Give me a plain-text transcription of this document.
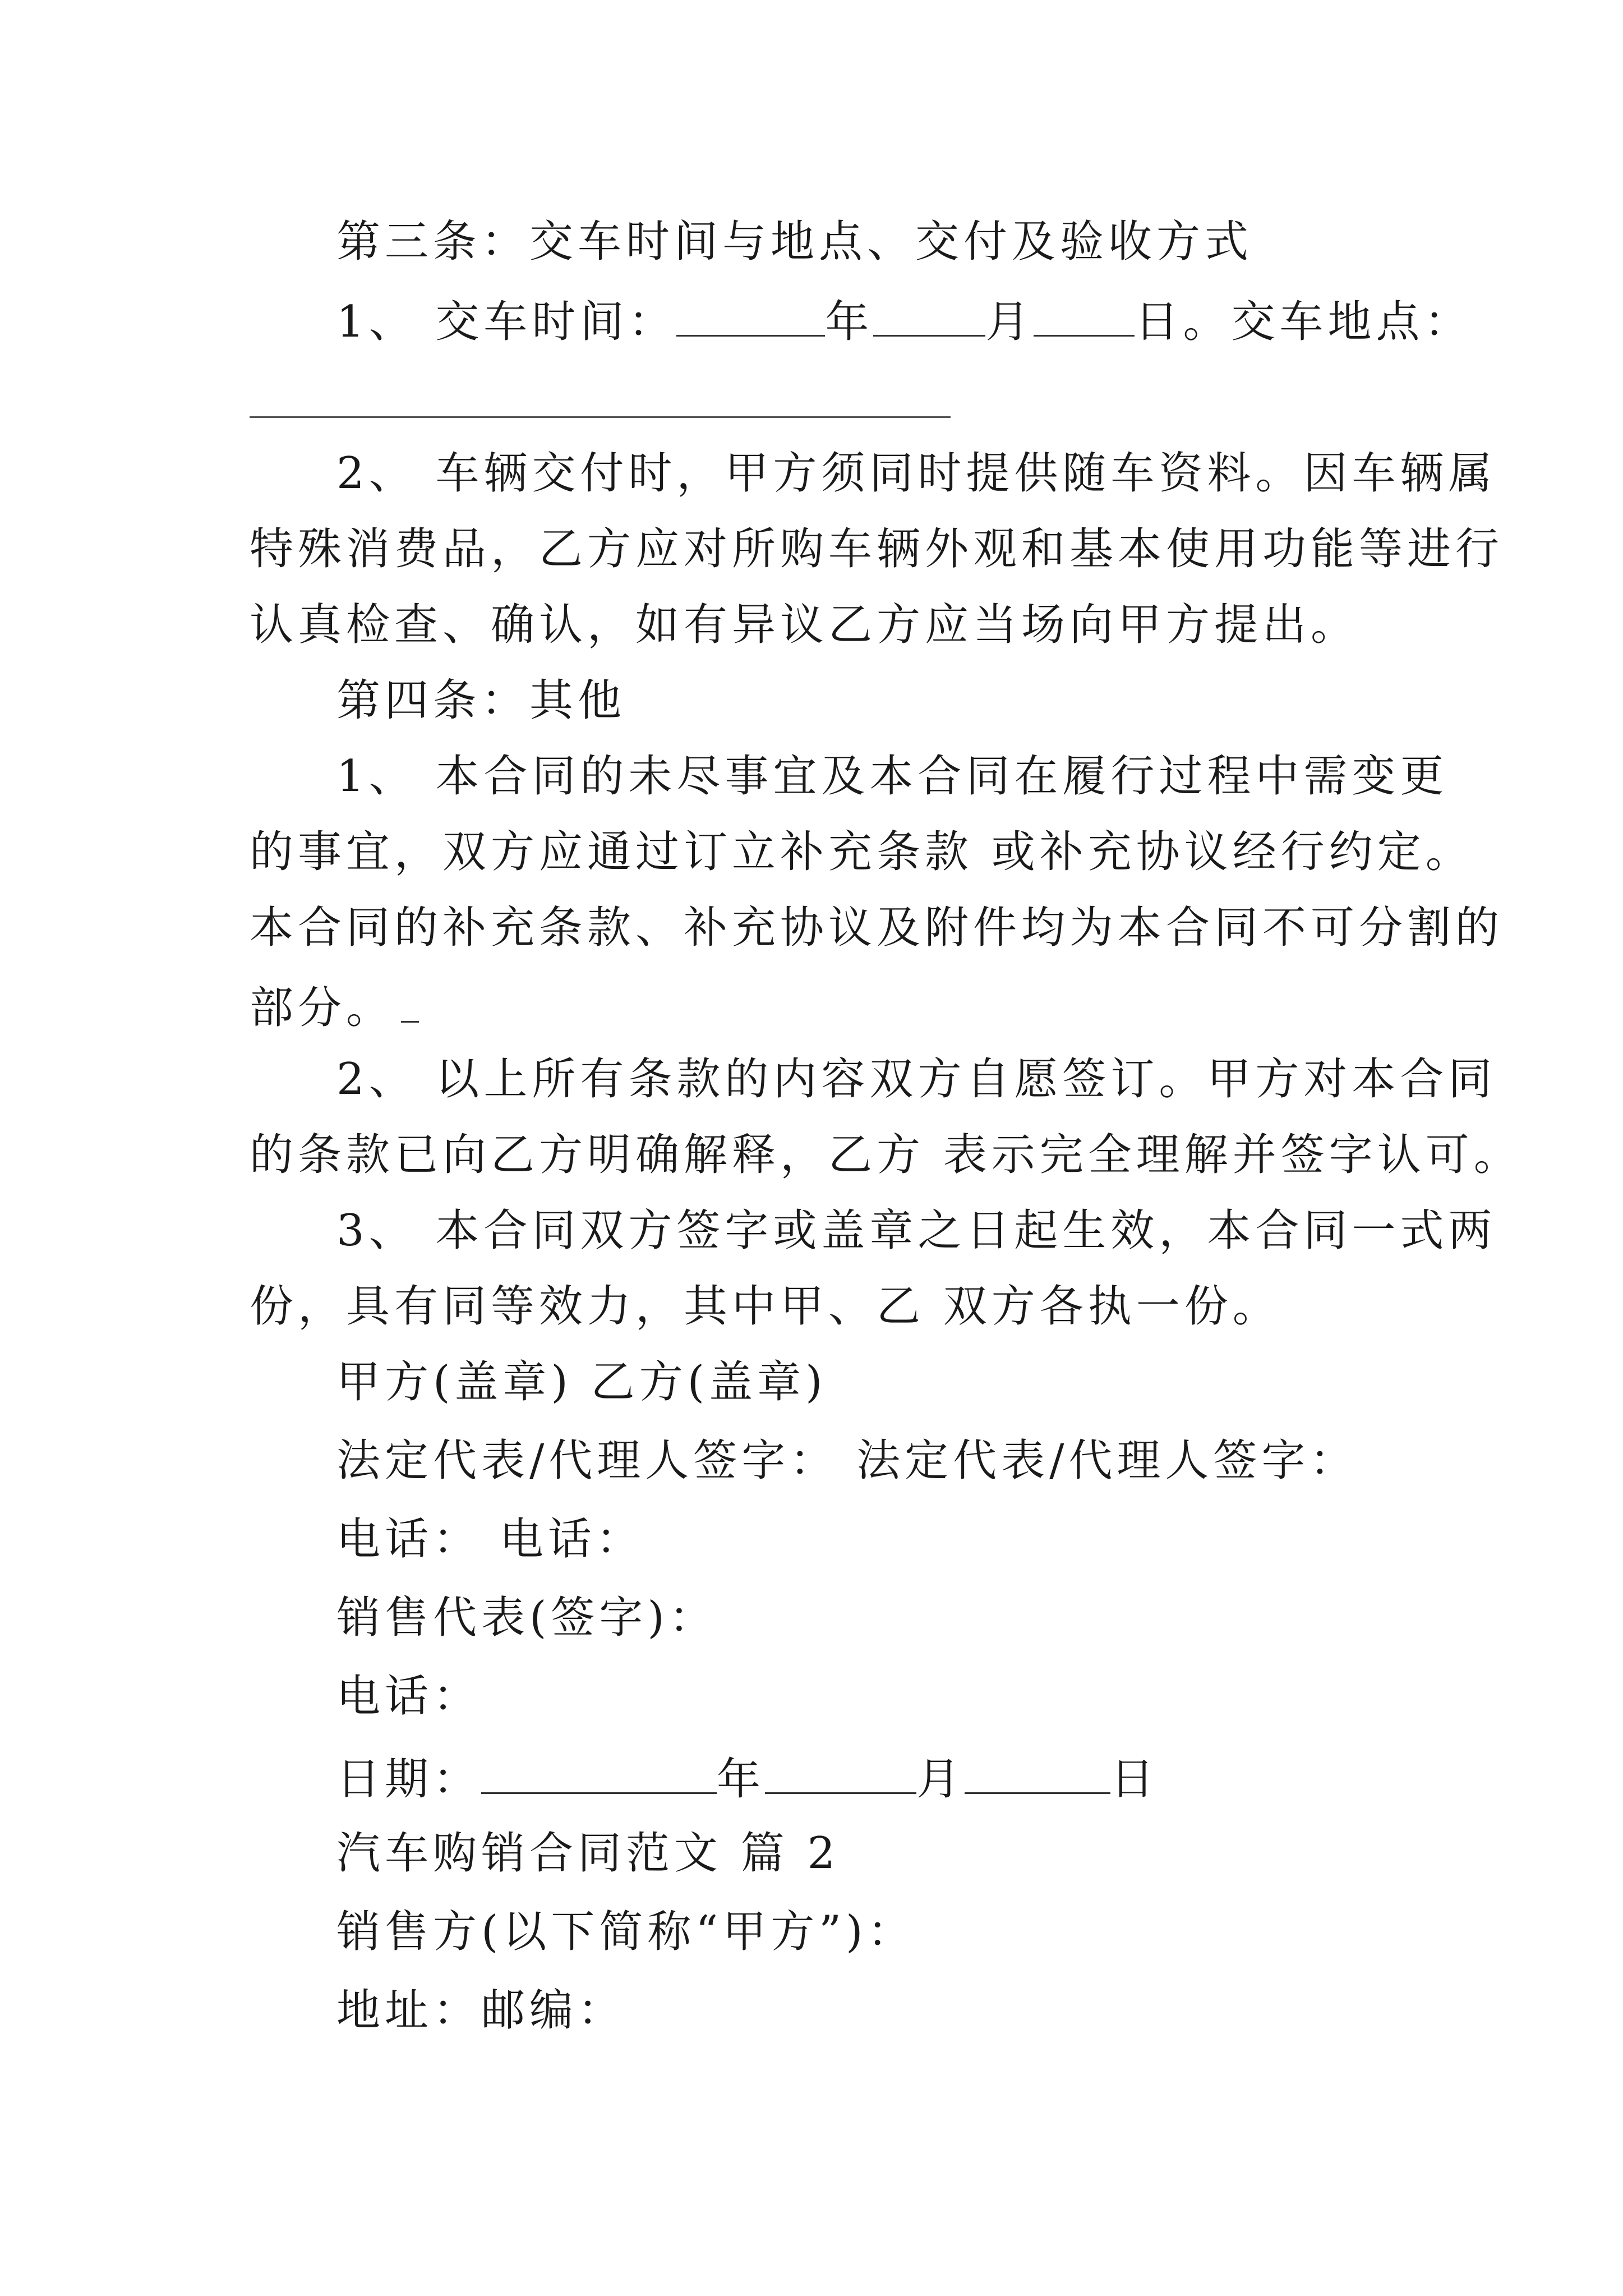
第三条：交车时间与地点、交付及验收方式
1、 交车时间：	年	月 日。交车地点：
2、 车辆交付时，甲方须同时提供随车资料。因车辆属
特殊消费品，乙方应对所购车辆外观和基本使用功能等进行
认真检查、确认，如有异议乙方应当场向甲方提出。
第四条：其他
1、 本合同的未尽事宜及本合同在履行过程中需变更
的事宜，双方应通过订立补充条款 或补充协议经行约定。
本合同的补充条款、补充协议及附件均为本合同不可分割的
部分。
2、 以上所有条款的内容双方自愿签订。甲方对本合同
的条款已向乙方明确解释，乙方 表示完全理解并签字认可。
3、 本合同双方签字或盖章之日起生效，本合同一式两
份，具有同等效力，其中甲、乙 双方各执一份。
甲方(盖章) 乙方(盖章)
法定代表/代理人签字： 法定代表/代理人签字：
电话： 电话：
销售代表(签字)：
电话：
日期：	年	月	日
汽车购销合同范文 篇 2
销售方(以下简称“甲方”)：
地址：邮编：
